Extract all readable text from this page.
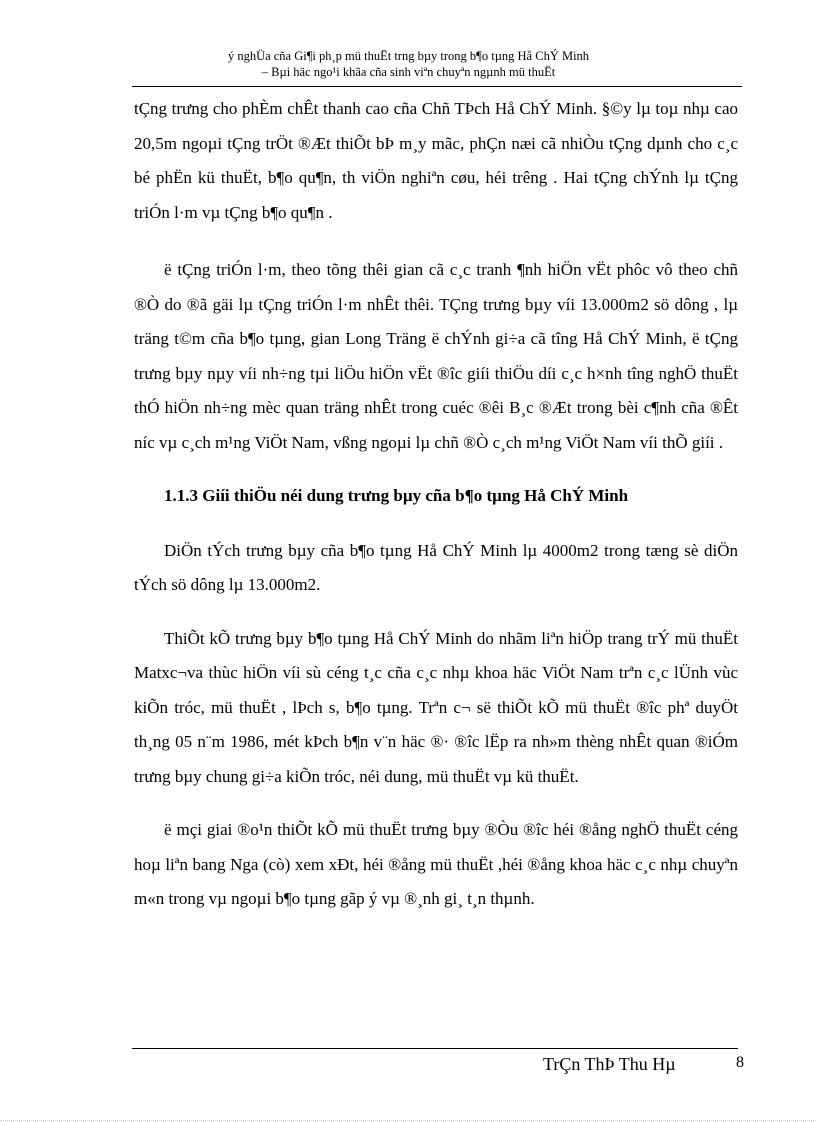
ý nghÜa cña Gi¶i ph¸p mü thuËt trng bµy trong b¶o tµng Hå ChÝ Minh
– Bµi häc ngo¹i khãa cña sinh viªn chuyªn ngµnh mü thuËt

tÇng trưng cho phÈm chÊt thanh cao cña Chñ TÞch Hå ChÝ Minh. §©y lµ toµ nhµ cao 20,5m ngoµi tÇng trÖt ®Æt thiÕt bÞ m¸y mãc, phÇn næi cã nhiÒu tÇng dµnh cho c¸c bé phËn kü thuËt, b¶o qu¶n, th viÖn nghiªn cøu, héi trêng . Hai tÇng chÝnh lµ tÇng triÓn l·m vµ tÇng b¶o qu¶n .

ë tÇng triÓn l·m, theo tõng thêi gian cã c¸c tranh ¶nh hiÖn vËt phôc vô theo chñ ®Ò do ®ã gäi lµ tÇng triÓn l·m nhÊt thêi. TÇng trưng bµy víi 13.000m2 sö dông , lµ träng t©m cña b¶o tµng, gian Long Träng ë chÝnh gi÷a cã tîng Hå ChÝ Minh, ë tÇng trưng bµy nµy víi nh÷ng tµi liÖu hiÖn vËt ®îc giíi thiÖu díi c¸c h×nh tîng nghÖ thuËt thÓ hiÖn nh÷ng mèc quan träng nhÊt trong cuéc ®êi B¸c ®Æt trong bèi c¶nh cña ®Êt níc vµ c¸ch m¹ng ViÖt Nam, vßng ngoµi lµ chñ ®Ò c¸ch m¹ng ViÖt Nam víi thÕ giíi .

1.1.3 Giíi thiÖu néi dung trưng bµy cña b¶o tµng Hå ChÝ Minh

DiÖn tÝch trưng bµy cña b¶o tµng Hå ChÝ Minh lµ 4000m2 trong tæng sè diÖn tÝch sö dông lµ 13.000m2.

ThiÕt kÕ trưng bµy b¶o tµng Hå ChÝ Minh do nhãm liªn hiÖp trang trÝ mü thuËt Matxc¬va thùc hiÖn víi sù céng t¸c cña c¸c nhµ khoa häc ViÖt Nam trªn c¸c lÜnh vùc kiÕn tróc, mü thuËt , lÞch s, b¶o tµng. Trªn c¬ së thiÕt kÕ mü thuËt ®îc phª duyÖt th¸ng 05 n¨m 1986, mét kÞch b¶n v¨n häc ®· ®îc lËp ra nh»m thèng nhÊt quan ®iÓm trưng bµy chung gi÷a kiÕn tróc, néi dung, mü thuËt vµ kü thuËt.

ë mçi giai ®o¹n thiÕt kÕ mü thuËt trưng bµy ®Òu ®îc héi ®ång nghÖ thuËt céng hoµ liªn bang Nga (cò) xem xÐt, héi ®ång mü thuËt ,héi ®ång khoa häc c¸c nhµ chuyªn m«n trong vµ ngoµi b¶o tµng gãp ý vµ ®¸nh gi¸ t¸n thµnh.

TrÇn ThÞ Thu Hµ	8
